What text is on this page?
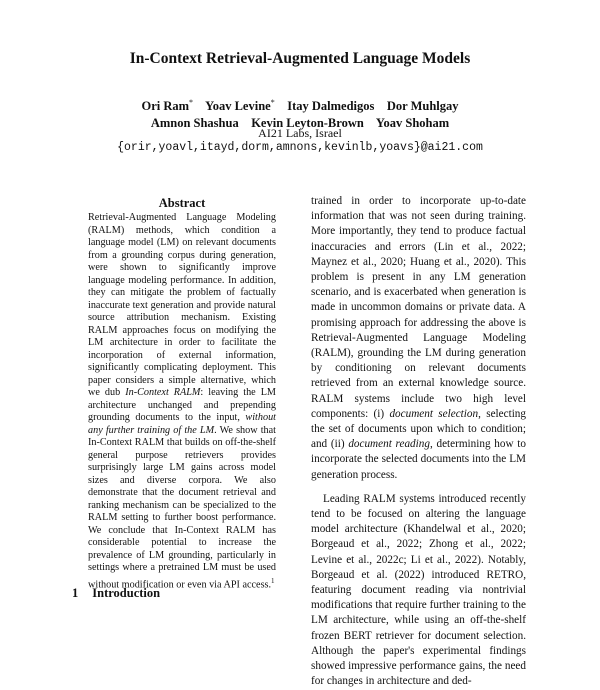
In-Context Retrieval-Augmented Language Models
Ori Ram* Yoav Levine* Itay Dalmedigos Dor Muhlgay
Amnon Shashua Kevin Leyton-Brown Yoav Shoham
AI21 Labs, Israel
{orir,yoavl,itayd,dorm,amnons,kevinlb,yoavs}@ai21.com
Abstract

Retrieval-Augmented Language Modeling (RALM) methods, which condition a language model (LM) on relevant documents from a grounding corpus during generation, were shown to significantly improve language modeling performance. In addition, they can mitigate the problem of factually inaccurate text generation and provide natural source attribution mechanism. Existing RALM approaches focus on modifying the LM architecture in order to facilitate the incorporation of external information, significantly complicating deployment. This paper considers a simple alternative, which we dub In-Context RALM: leaving the LM architecture unchanged and prepending grounding documents to the input, without any further training of the LM. We show that In-Context RALM that builds on off-the-shelf general purpose retrievers provides surprisingly large LM gains across model sizes and diverse corpora. We also demonstrate that the document retrieval and ranking mechanism can be specialized to the RALM setting to further boost performance. We conclude that In-Context RALM has considerable potential to increase the prevalence of LM grounding, particularly in settings where a pretrained LM must be used without modification or even via API access.$^1$

1 Introduction

trained in order to incorporate up-to-date information that was not seen during training. More importantly, they tend to produce factual inaccuracies and errors (Lin et al., 2022; Maynez et al., 2020; Huang et al., 2020). This problem is present in any LM generation scenario, and is exacerbated when generation is made in uncommon domains or private data. A promising approach for addressing the above is Retrieval-Augmented Language Modeling (RALM), grounding the LM during generation by conditioning on relevant documents retrieved from an external knowledge source. RALM systems include two high level components: (i) document selection, selecting the set of documents upon which to condition; and (ii) document reading, determining how to incorporate the selected documents into the LM generation process.

Leading RALM systems introduced recently tend to be focused on altering the language model architecture (Khandelwal et al., 2020; Borgeaud et al., 2022; Zhong et al., 2022; Levine et al., 2022c; Li et al., 2022). Notably, Borgeaud et al. (2022) introduced RETRO, featuring document reading via nontrivial modifications that require further training to the LM architecture, while using an off-the-shelf frozen BERT retriever for document selection. Although the paper's experimental findings showed impressive performance gains, the need for changes in architecture and ded-
